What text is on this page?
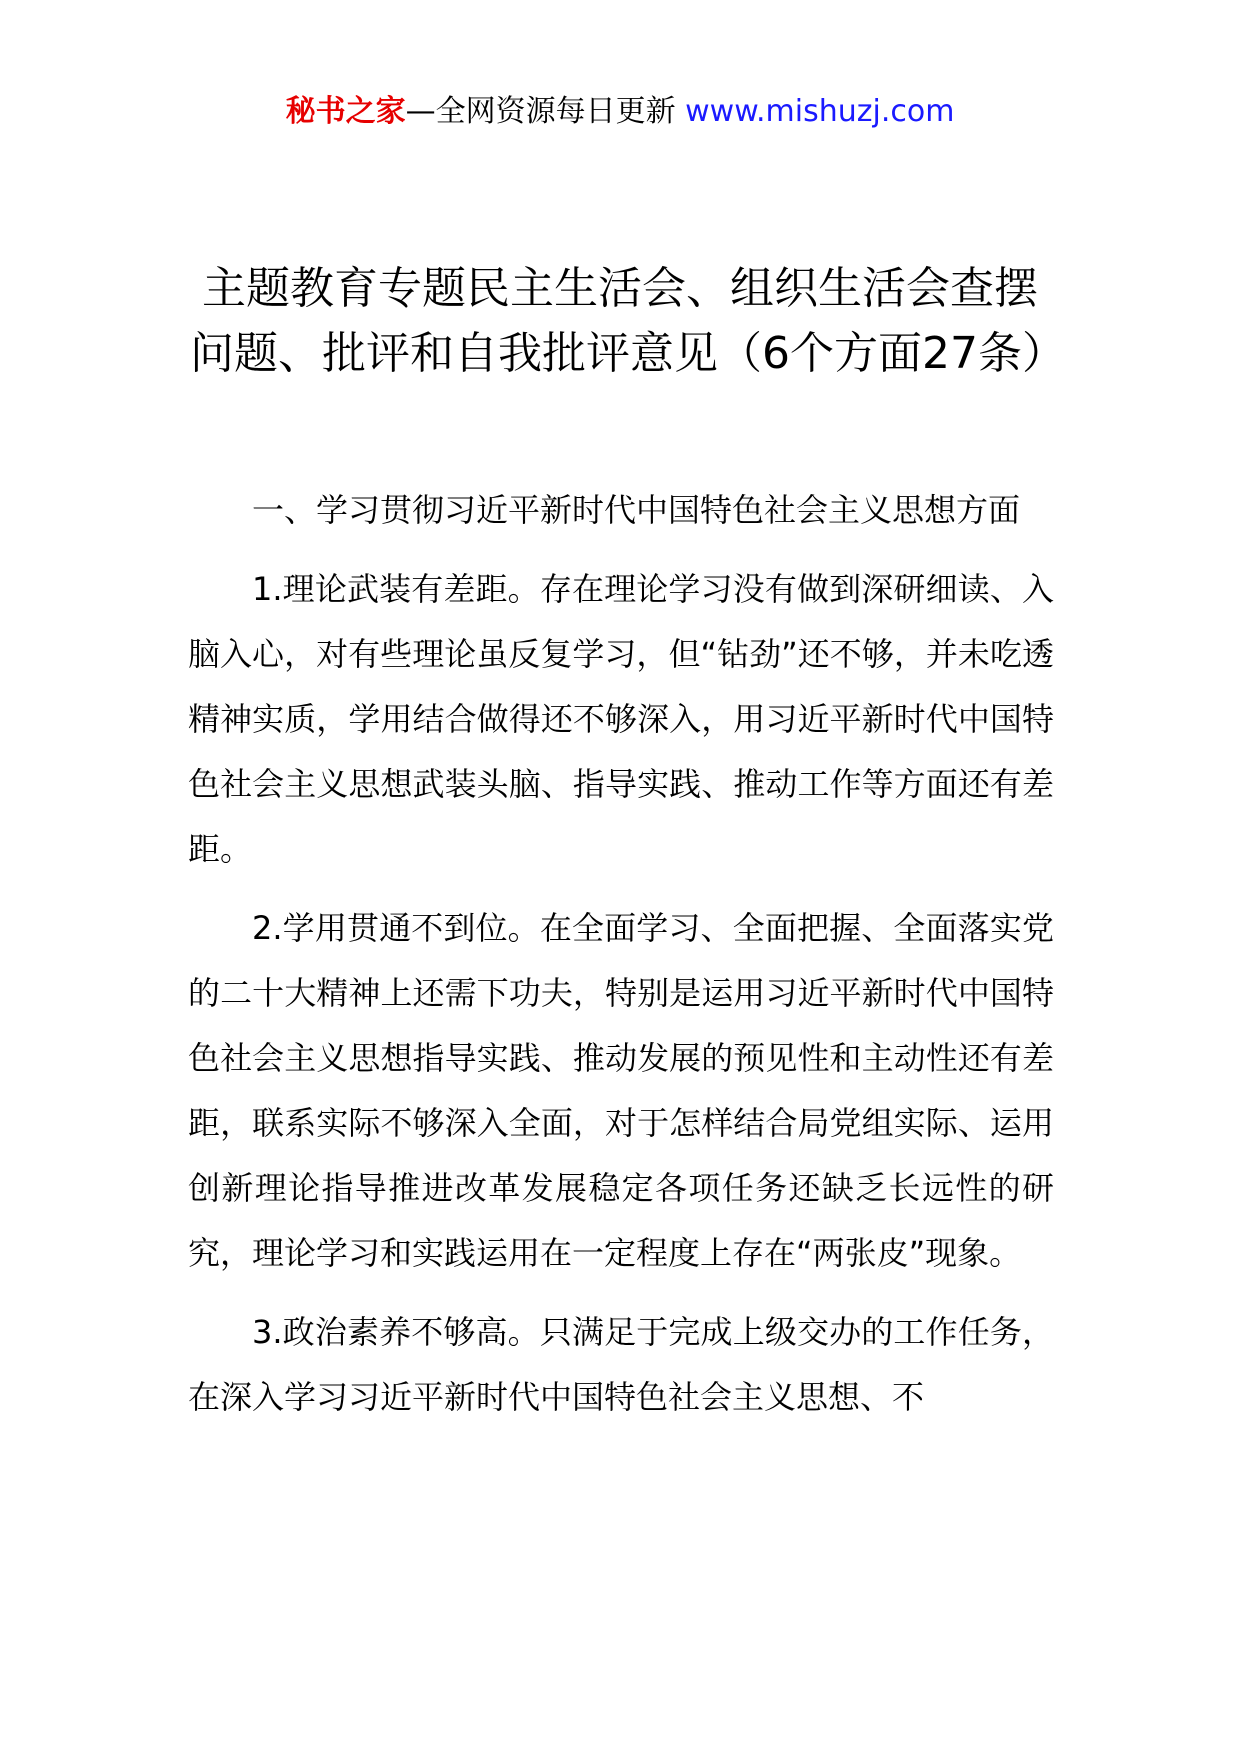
秘书之家—全网资源每日更新 www.mishuzj.com
主题教育专题民主生活会、组织生活会查摆问题、批评和自我批评意见（6个方面27条）

一、学习贯彻习近平新时代中国特色社会主义思想方面

1.理论武装有差距。存在理论学习没有做到深研细读、入脑入心，对有些理论虽反复学习，但“钻劲”还不够，并未吃透精神实质，学用结合做得还不够深入，用习近平新时代中国特色社会主义思想武装头脑、指导实践、推动工作等方面还有差距。

2.学用贯通不到位。在全面学习、全面把握、全面落实党的二十大精神上还需下功夫，特别是运用习近平新时代中国特色社会主义思想指导实践、推动发展的预见性和主动性还有差距，联系实际不够深入全面，对于怎样结合局党组实际、运用创新理论指导推进改革发展稳定各项任务还缺乏长远性的研究，理论学习和实践运用在一定程度上存在“两张皮”现象。

3.政治素养不够高。只满足于完成上级交办的工作任务，在深入学习习近平新时代中国特色社会主义思想、不
